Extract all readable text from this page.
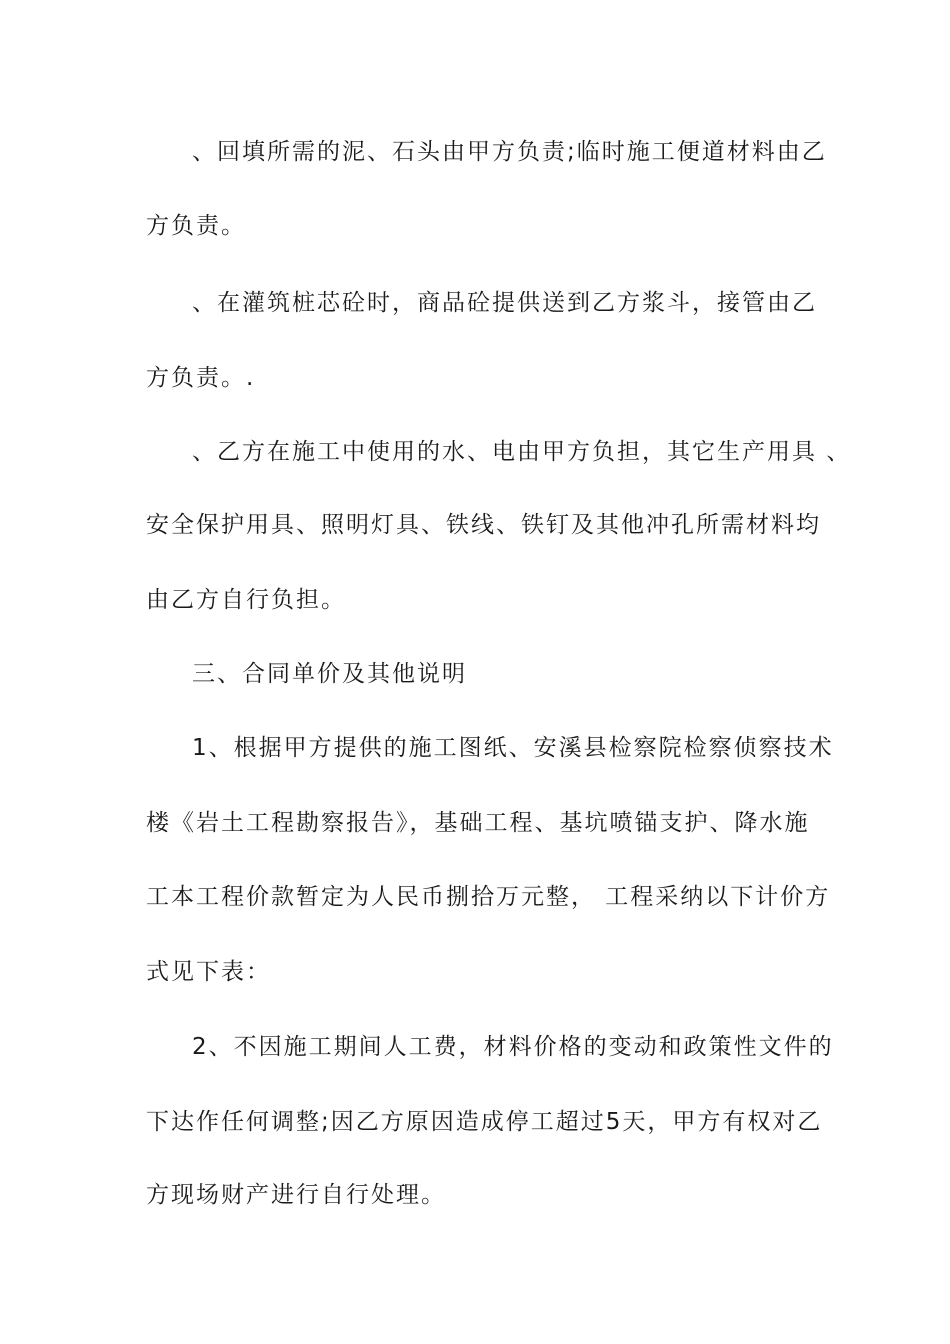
、回填所需的泥、石头由甲方负责;临时施工便道材料由乙
方负责。
、在灌筑桩芯砼时，商品砼提供送到乙方浆斗，接管由乙
方负责。.
、乙方在施工中使用的水、电由甲方负担，其它生产用具 、
安全保护用具、照明灯具、铁线、铁钉及其他冲孔所需材料均
由乙方自行负担。
三、合同单价及其他说明
1、根据甲方提供的施工图纸、安溪县检察院检察侦察技术
楼《岩土工程勘察报告》，基础工程、基坑喷锚支护、降水施
工本工程价款暂定为人民币捌拾万元整， 工程采纳以下计价方
式见下表：
2、不因施工期间人工费，材料价格的变动和政策性文件的
下达作任何调整;因乙方原因造成停工超过5天，甲方有权对乙
方现场财产进行自行处理。
